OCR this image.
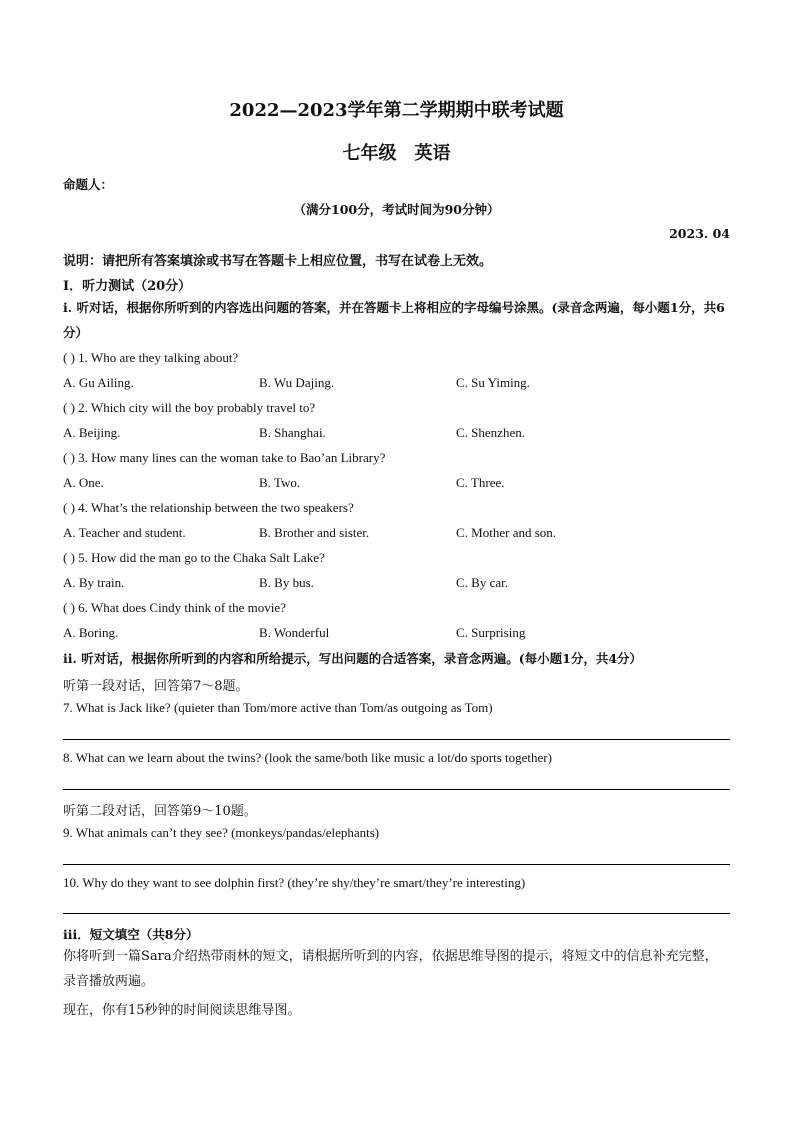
2022—2023学年第二学期期中联考试题
七年级　英语
命题人：
（满分100分，考试时间为90分钟）
2023. 04
说明：请把所有答案填涂或书写在答题卡上相应位置，书写在试卷上无效。
Ⅰ．听力测试（20分）
i. 听对话，根据你所听到的内容选出问题的答案，并在答题卡上将相应的字母编号涂黑。(录音念两遍，每小题1分，共6分）
( ) 1. Who are they talking about?
A. Gu Ailing.	B. Wu Dajing.	C. Su Yiming.
( ) 2. Which city will the boy probably travel to?
A. Beijing.	B. Shanghai.	C. Shenzhen.
( ) 3. How many lines can the woman take to Bao’an Library?
A. One.	B. Two.	C. Three.
( ) 4. What’s the relationship between the two speakers?
A. Teacher and student.	B. Brother and sister.	C. Mother and son.
( ) 5. How did the man go to the Chaka Salt Lake?
A. By train.	B. By bus.	C. By car.
( ) 6. What does Cindy think of the movie?
A. Boring.	B. Wonderful	C. Surprising
ii. 听对话，根据你所听到的内容和所给提示，写出问题的合适答案，录音念两遍。(每小题1分，共4分）
听第一段对话，回答第7～8题。
7. What is Jack like? (quieter than Tom/more active than Tom/as outgoing as Tom)
8. What can we learn about the twins? (look the same/both like music a lot/do sports together)
听第二段对话，回答第9～10题。
9. What animals can’t they see? (monkeys/pandas/elephants)
10. Why do they want to see dolphin first? (they’re shy/they’re smart/they’re interesting)
iii．短文填空（共8分）
你将听到一篇Sara介绍热带雨林的短文，请根据所听到的内容，依据思维导图的提示，将短文中的信息补充完整，录音播放两遍。
现在，你有15秒钟的时间阅读思维导图。
